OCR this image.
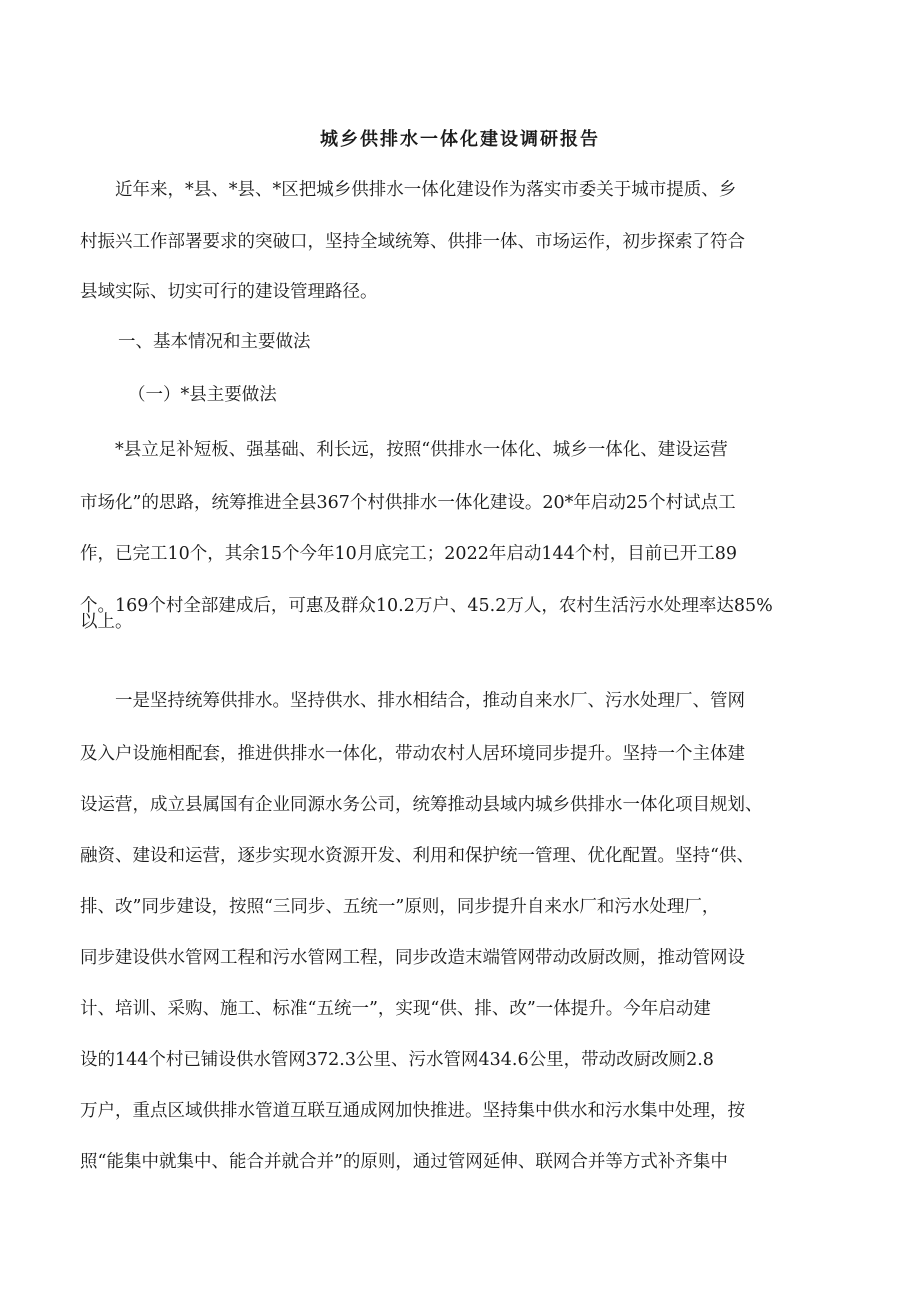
城乡供排水一体化建设调研报告
　　近年来，*县、*县、*区把城乡供排水一体化建设作为落实市委关于城市提质、乡
村振兴工作部署要求的突破口，坚持全域统筹、供排一体、市场运作，初步探索了符合
县域实际、切实可行的建设管理路径。
一、基本情况和主要做法
（一）*县主要做法
　　*县立足补短板、强基础、利长远，按照“供排水一体化、城乡一体化、建设运营
市场化”的思路，统筹推进全县367个村供排水一体化建设。20*年启动25个村试点工
作，已完工10个，其余15个今年10月底完工；2022年启动144个村，目前已开工89
个。169个村全部建成后，可惠及群众10.2万户、45.2万人，农村生活污水处理率达85%
以上。
　　一是坚持统筹供排水。坚持供水、排水相结合，推动自来水厂、污水处理厂、管网
及入户设施相配套，推进供排水一体化，带动农村人居环境同步提升。坚持一个主体建
设运营，成立县属国有企业同源水务公司，统筹推动县域内城乡供排水一体化项目规划、
融资、建设和运营，逐步实现水资源开发、利用和保护统一管理、优化配置。坚持“供、
排、改”同步建设，按照“三同步、五统一”原则，同步提升自来水厂和污水处理厂，
同步建设供水管网工程和污水管网工程，同步改造末端管网带动改厨改厕，推动管网设
计、培训、采购、施工、标准“五统一”，实现“供、排、改”一体提升。今年启动建
设的144个村已铺设供水管网372.3公里、污水管网434.6公里，带动改厨改厕2.8
万户，重点区域供排水管道互联互通成网加快推进。坚持集中供水和污水集中处理，按
照“能集中就集中、能合并就合并”的原则，通过管网延伸、联网合并等方式补齐集中
